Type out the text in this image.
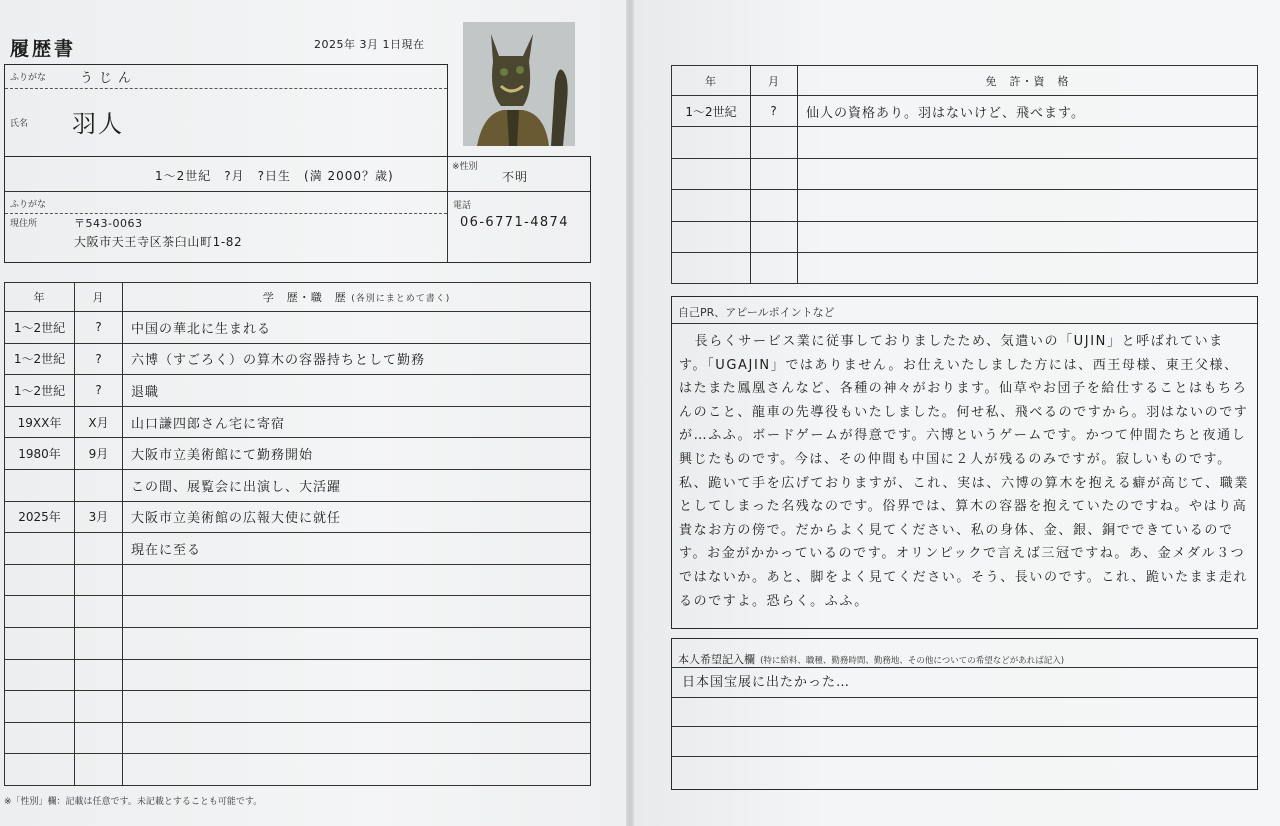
履歴書	2025年 3月 1日現在
ふりがな	うじん
氏名 羽人
1〜2世紀　?月　?日生　(満 2000？歳)
※性別
不明
ふりがな
現住所	〒543-0063
大阪市天王寺区茶臼山町1-82
電話
06-6771-4874
年	月	学　歴・職　歴 (各別にまとめて書く)
1〜2世紀	?	中国の華北に生まれる
1〜2世紀	?	六博（すごろく）の算木の容器持ちとして勤務
1〜2世紀	?	退職
19XX年	X月	山口謙四郎さん宅に寄宿
1980年	9月	大阪市立美術館にて勤務開始
		この間、展覧会に出演し、大活躍
2025年	3月	大阪市立美術館の広報大使に就任
		現在に至る

※「性別」欄：記載は任意です。未記載とすることも可能です。
年	月	免　許・資　格
1〜2世紀	?	仙人の資格あり。羽はないけど、飛べます。

自己PR、アピールポイントなど

長らくサービス業に従事しておりましたため、気遣いの「UJIN」と呼ばれています。「UGAJIN」ではありません。お仕えいたしました方には、西王母様、東王父様、はたまた鳳凰さんなど、各種の神々がおります。仙草やお団子を給仕することはもちろんのこと、龍車の先導役もいたしました。何せ私、飛べるのですから。羽はないのですが…ふふ。ボードゲームが得意です。六博というゲームです。かつて仲間たちと夜通し興じたものです。今は、その仲間も中国に２人が残るのみですが。寂しいものです。私、跪いて手を広げておりますが、これ、実は、六博の算木を抱える癖が高じて、職業としてしまった名残なのです。俗界では、算木の容器を抱えていたのですね。やはり高貴なお方の傍で。だからよく見てください、私の身体、金、銀、銅でできているのです。お金がかかっているのです。オリンピックで言えば三冠ですね。あ、金メダル３つではないか。あと、脚をよく見てください。そう、長いのです。これ、跪いたまま走れるのですよ。恐らく。ふふ。

本人希望記入欄 (特に給料、職種、勤務時間、勤務地、その他についての希望などがあれば記入)
日本国宝展に出たかった…
